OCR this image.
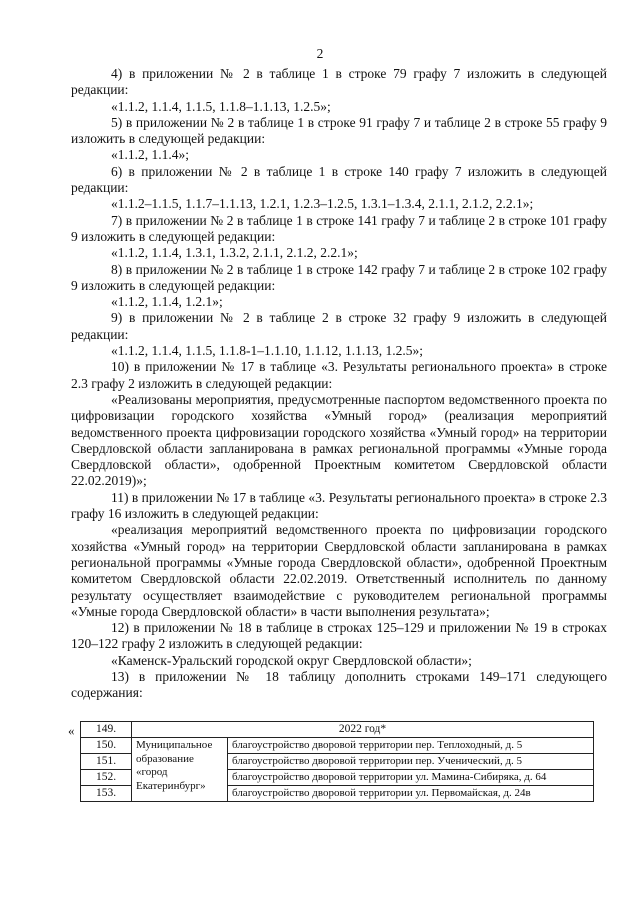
2

4) в приложении № 2 в таблице 1 в строке 79 графу 7 изложить в следующей редакции:

«1.1.2, 1.1.4, 1.1.5, 1.1.8–1.1.13, 1.2.5»;

5) в приложении № 2 в таблице 1 в строке 91 графу 7 и таблице 2 в строке 55 графу 9 изложить в следующей редакции:

«1.1.2, 1.1.4»;

6) в приложении № 2 в таблице 1 в строке 140 графу 7 изложить в следующей редакции:

«1.1.2–1.1.5, 1.1.7–1.1.13, 1.2.1, 1.2.3–1.2.5, 1.3.1–1.3.4, 2.1.1, 2.1.2, 2.2.1»;

7) в приложении № 2 в таблице 1 в строке 141 графу 7 и таблице 2 в строке 101 графу 9 изложить в следующей редакции:

«1.1.2, 1.1.4, 1.3.1, 1.3.2, 2.1.1, 2.1.2, 2.2.1»;

8) в приложении № 2 в таблице 1 в строке 142 графу 7 и таблице 2 в строке 102 графу 9 изложить в следующей редакции:

«1.1.2, 1.1.4, 1.2.1»;

9) в приложении № 2 в таблице 2 в строке 32 графу 9 изложить в следующей редакции:

«1.1.2, 1.1.4, 1.1.5, 1.1.8-1–1.1.10, 1.1.12, 1.1.13, 1.2.5»;

10) в приложении № 17 в таблице «3. Результаты регионального проекта» в строке 2.3 графу 2 изложить в следующей редакции:

«Реализованы мероприятия, предусмотренные паспортом ведомственного проекта по цифровизации городского хозяйства «Умный город» (реализация мероприятий ведомственного проекта цифровизации городского хозяйства «Умный город» на территории Свердловской области запланирована в рамках региональной программы «Умные города Свердловской области», одобренной Проектным комитетом Свердловской области 22.02.2019)»;

11) в приложении № 17 в таблице «3. Результаты регионального проекта» в строке 2.3 графу 16 изложить в следующей редакции:

«реализация мероприятий ведомственного проекта по цифровизации городского хозяйства «Умный город» на территории Свердловской области запланирована в рамках региональной программы «Умные города Свердловской области», одобренной Проектным комитетом Свердловской области 22.02.2019. Ответственный исполнитель по данному результату осуществляет взаимодействие с руководителем региональной программы «Умные города Свердловской области» в части выполнения результата»;

12) в приложении № 18 в таблице в строках 125–129 и приложении № 19 в строках 120–122 графу 2 изложить в следующей редакции:

«Каменск-Уральский городской округ Свердловской области»;

13) в приложении № 18 таблицу дополнить строками 149–171 следующего содержания:

« 149.	2022 год*	
150.	Муниципальное образование «город Екатеринбург»	благоустройство дворовой территории пер. Теплоходный, д. 5
151.		благоустройство дворовой территории пер. Ученический, д. 5
152.		благоустройство дворовой территории ул. Мамина-Сибиряка, д. 64
153.		благоустройство дворовой территории ул. Первомайская, д. 24в
